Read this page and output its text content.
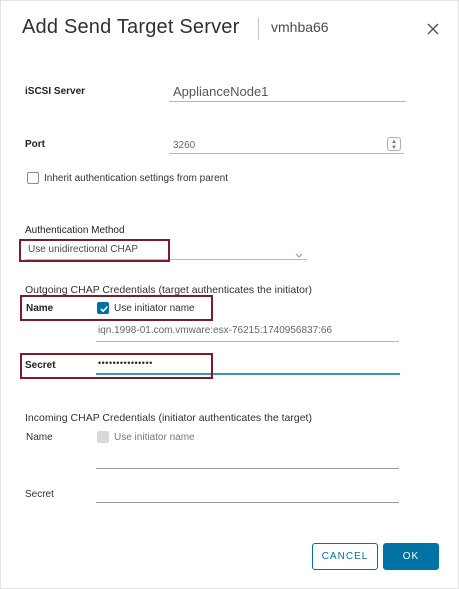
Add Send Target Server vmhba66
iSCSI Server
ApplianceNode1
Port
3260	▲
▼
Inherit authentication settings from parent
Authentication Method
Use unidirectional CHAP
Outgoing CHAP Credentials (target authenticates the initiator)
Name	Use initiator name
iqn.1998-01.com.vmware:esx-76215:1740956837:66
Secret	•••••••••••••••
Incoming CHAP Credentials (initiator authenticates the target)
Name	Use initiator name
Secret
CANCEL	OK
